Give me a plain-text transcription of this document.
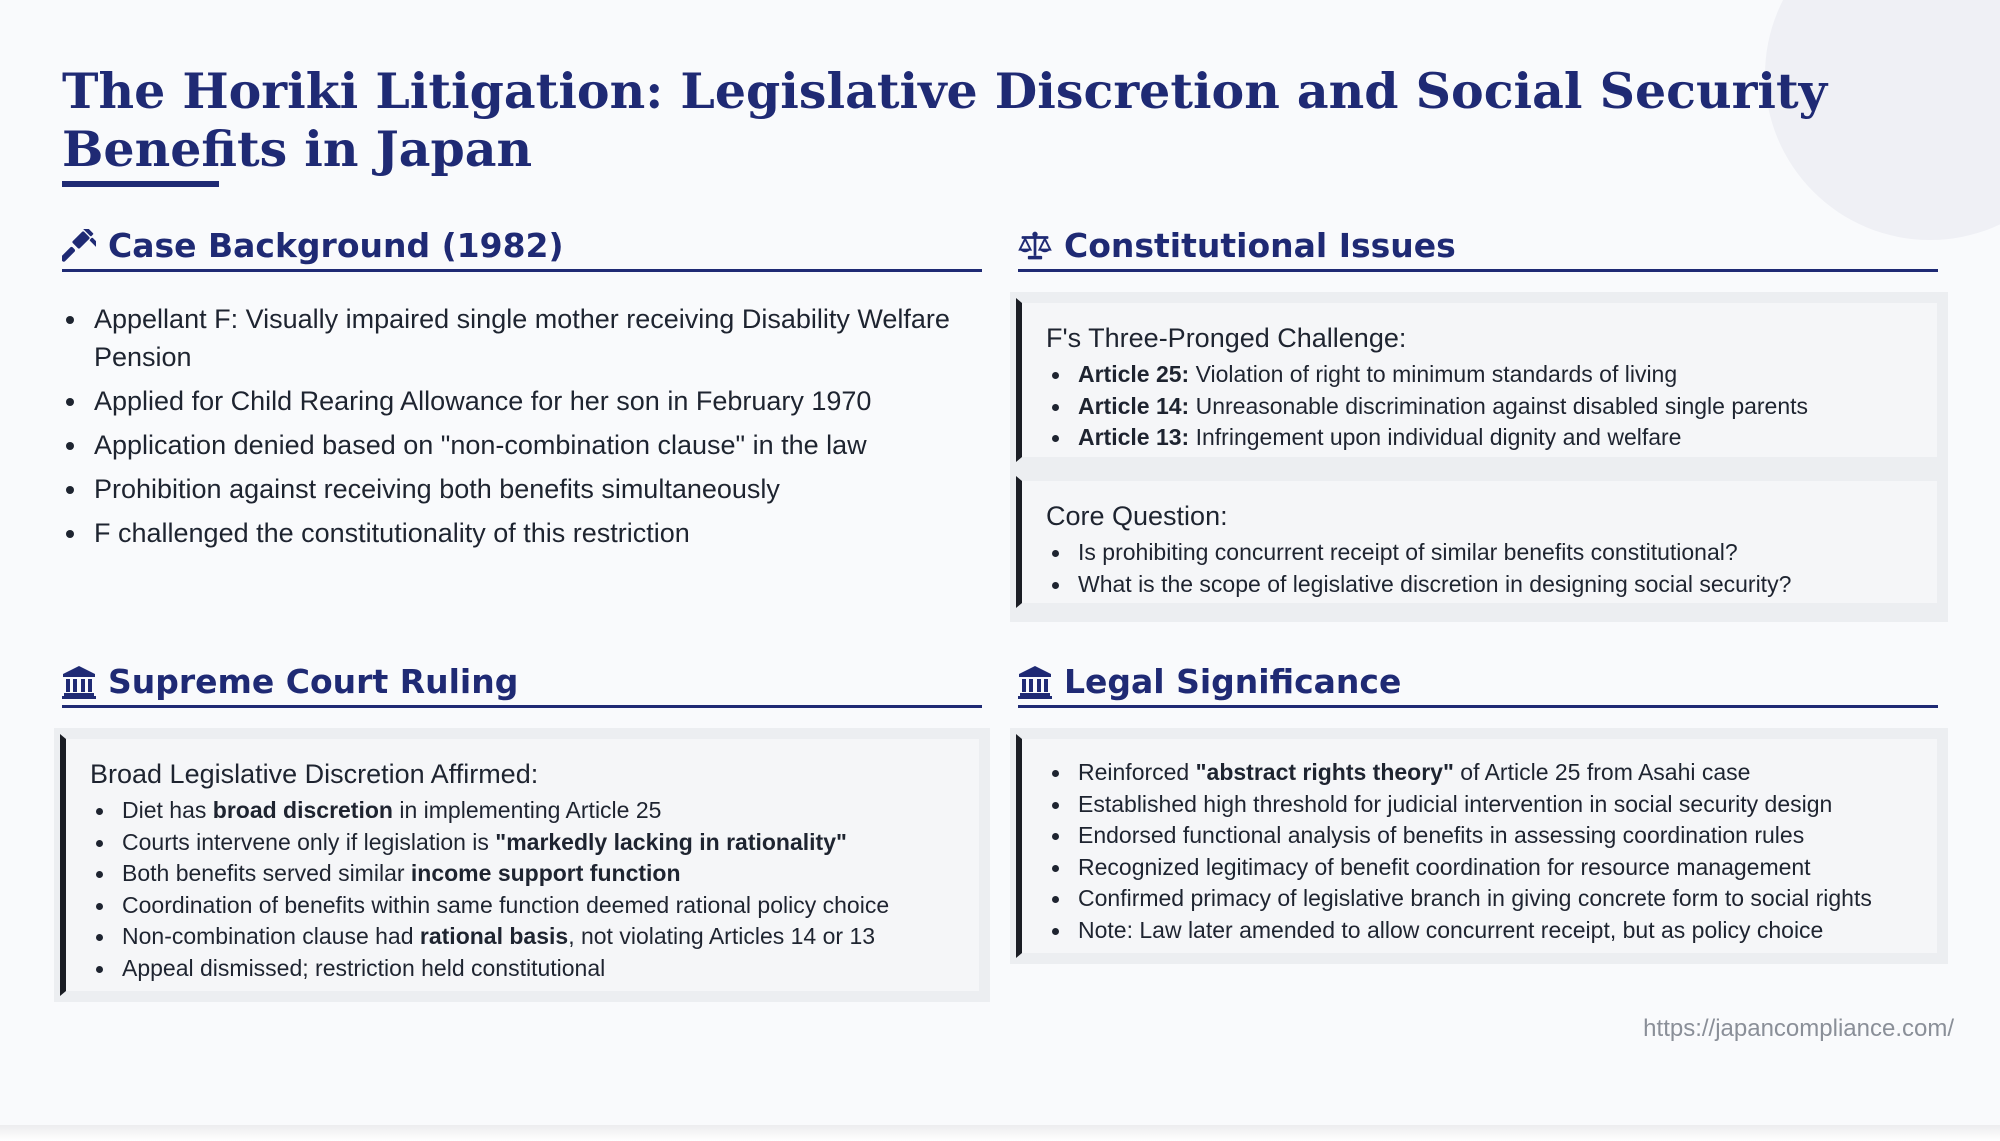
The Horiki Litigation: Legislative Discretion and Social Security Benefits in Japan
Case Background (1982)
Appellant F: Visually impaired single mother receiving Disability Welfare Pension
Applied for Child Rearing Allowance for her son in February 1970
Application denied based on "non-combination clause" in the law
Prohibition against receiving both benefits simultaneously
F challenged the constitutionality of this restriction
Constitutional Issues
F's Three-Pronged Challenge:
Article 25: Violation of right to minimum standards of living
Article 14: Unreasonable discrimination against disabled single parents
Article 13: Infringement upon individual dignity and welfare
Core Question:
Is prohibiting concurrent receipt of similar benefits constitutional?
What is the scope of legislative discretion in designing social security?
Supreme Court Ruling
Broad Legislative Discretion Affirmed:
Diet has broad discretion in implementing Article 25
Courts intervene only if legislation is "markedly lacking in rationality"
Both benefits served similar income support function
Coordination of benefits within same function deemed rational policy choice
Non-combination clause had rational basis, not violating Articles 14 or 13
Appeal dismissed; restriction held constitutional
Legal Significance
Reinforced "abstract rights theory" of Article 25 from Asahi case
Established high threshold for judicial intervention in social security design
Endorsed functional analysis of benefits in assessing coordination rules
Recognized legitimacy of benefit coordination for resource management
Confirmed primacy of legislative branch in giving concrete form to social rights
Note: Law later amended to allow concurrent receipt, but as policy choice
https://japancompliance.com/
